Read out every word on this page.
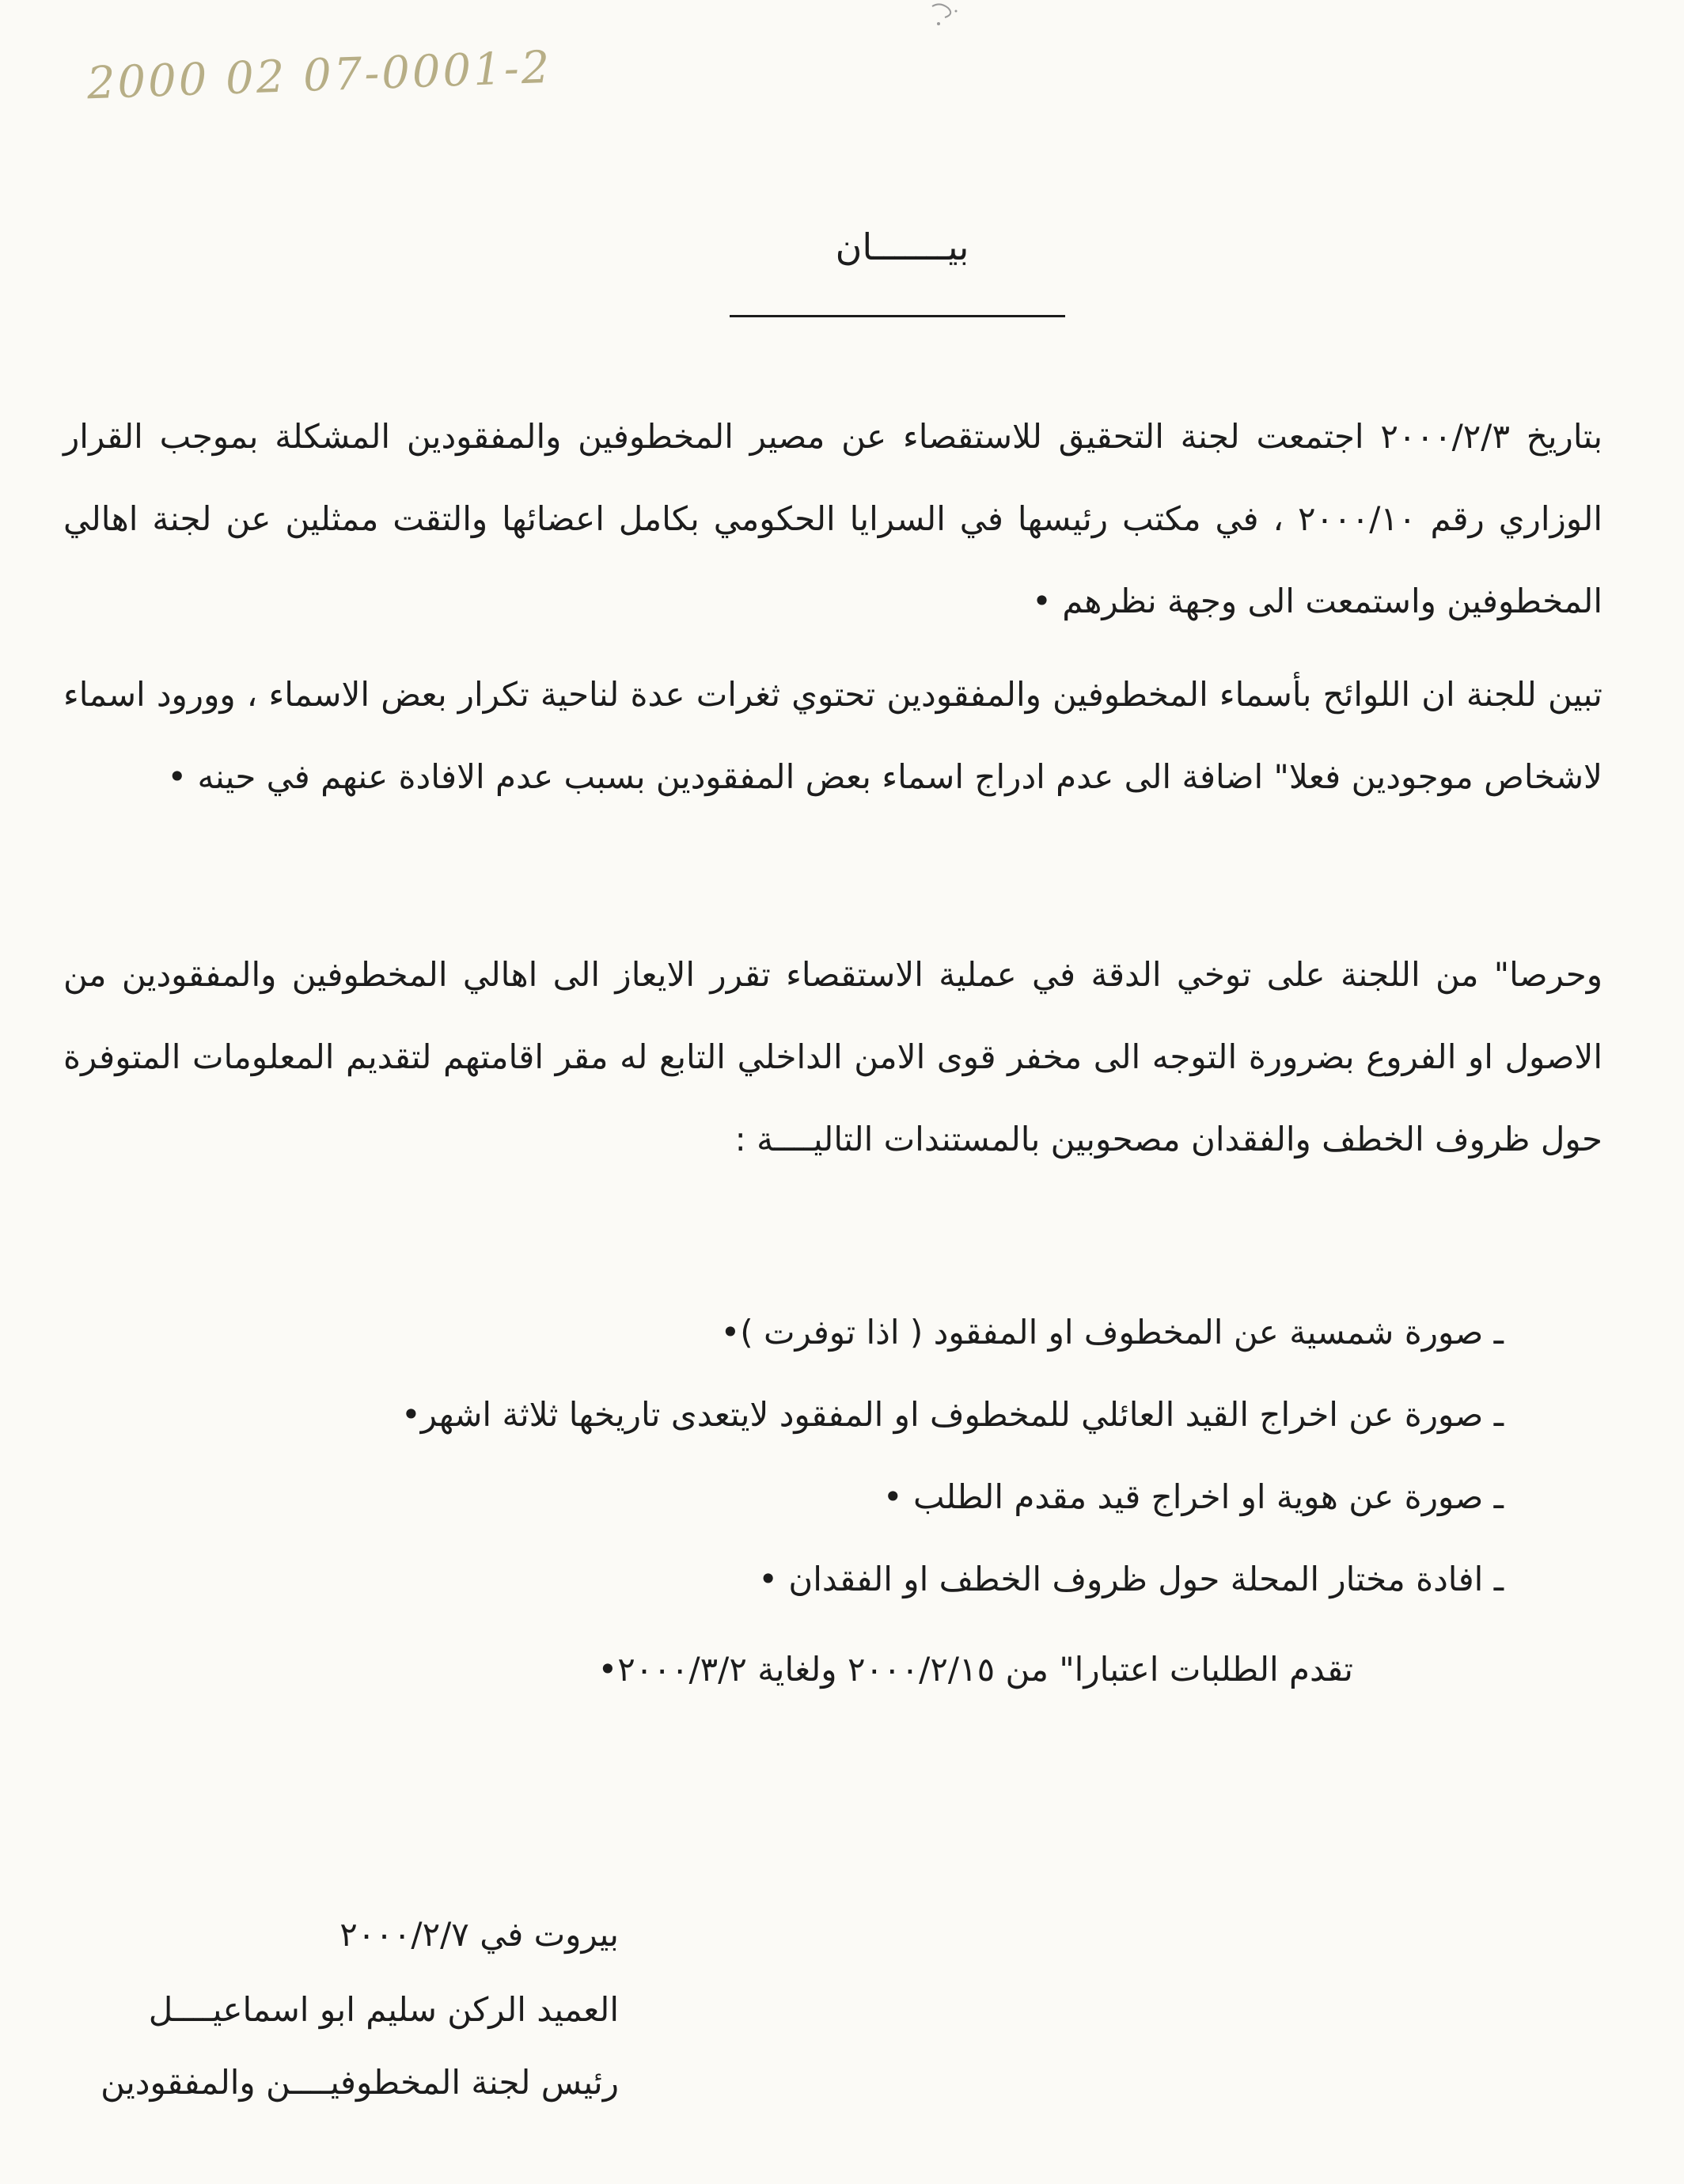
2000 02 07-0001-2
بيـــــــان
بتاريخ ٢٠٠٠/٢/٣ اجتمعت لجنة التحقيق للاستقصاء عن مصير المخطوفين والمفقودين المشكلة بموجب القرار الوزاري رقم ٢٠٠٠/١٠ ، في مكتب رئيسها في السرايا الحكومي بكامل اعضائها والتقت ممثلين عن لجنة اهالي المخطوفين واستمعت الى وجهة نظرهم •
تبين للجنة ان اللوائح بأسماء المخطوفين والمفقودين تحتوي ثغرات عدة لناحية تكرار بعض الاسماء ، وورود اسماء لاشخاص موجودين فعلا" اضافة الى عدم ادراج اسماء بعض المفقودين بسبب عدم الافادة عنهم في حينه •
وحرصا" من اللجنة على توخي الدقة في عملية الاستقصاء تقرر الايعاز الى اهالي المخطوفين والمفقودين من الاصول او الفروع بضرورة التوجه الى مخفر قوى الامن الداخلي التابع له مقر اقامتهم لتقديم المعلومات المتوفرة حول ظروف الخطف والفقدان مصحوبين بالمستندات التاليــــة :
ـ صورة شمسية عن المخطوف او المفقود ( اذا توفرت )•
ـ صورة عن اخراج القيد العائلي للمخطوف او المفقود لايتعدى تاريخها ثلاثة اشهر•
ـ صورة عن هوية او اخراج قيد مقدم الطلب •
ـ افادة مختار المحلة حول ظروف الخطف او الفقدان •
تقدم الطلبات اعتبارا" من ٢٠٠٠/٢/١٥ ولغاية ٢٠٠٠/٣/٢•
بيروت في ٢٠٠٠/٢/٧
العميد الركن سليم ابو اسماعيــــل
رئيس لجنة المخطوفيــــن والمفقودين
